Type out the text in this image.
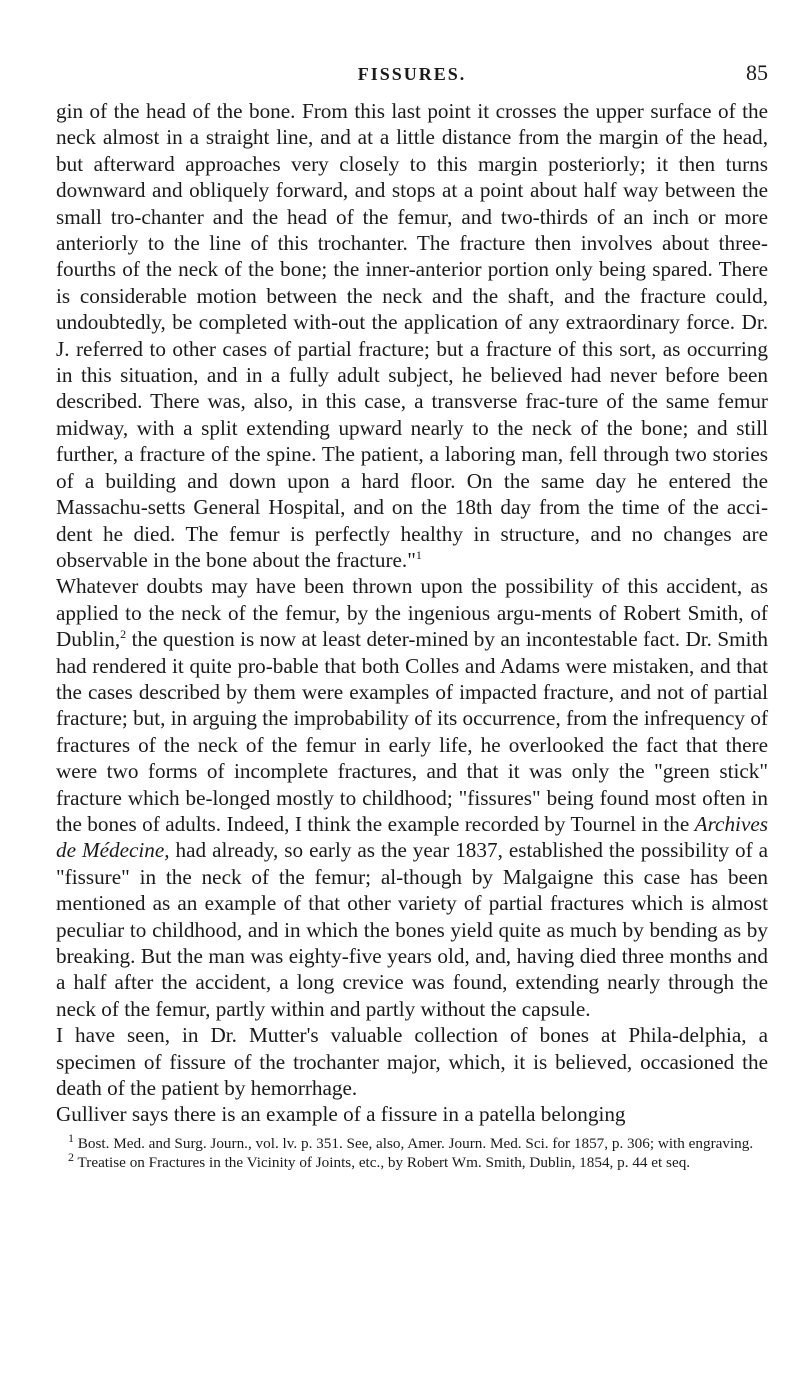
FISSURES.	85

gin of the head of the bone. From this last point it crosses the upper surface of the neck almost in a straight line, and at a little distance from the margin of the head, but afterward approaches very closely to this margin posteriorly; it then turns downward and obliquely forward, and stops at a point about half way between the small tro-chanter and the head of the femur, and two-thirds of an inch or more anteriorly to the line of this trochanter. The fracture then involves about three-fourths of the neck of the bone; the inner-anterior portion only being spared. There is considerable motion between the neck and the shaft, and the fracture could, undoubtedly, be completed with-out the application of any extraordinary force. Dr. J. referred to other cases of partial fracture; but a fracture of this sort, as occurring in this situation, and in a fully adult subject, he believed had never before been described. There was, also, in this case, a transverse frac-ture of the same femur midway, with a split extending upward nearly to the neck of the bone; and still further, a fracture of the spine. The patient, a laboring man, fell through two stories of a building and down upon a hard floor. On the same day he entered the Massachu-setts General Hospital, and on the 18th day from the time of the acci-dent he died. The femur is perfectly healthy in structure, and no changes are observable in the bone about the fracture."$^1$

Whatever doubts may have been thrown upon the possibility of this accident, as applied to the neck of the femur, by the ingenious argu-ments of Robert Smith, of Dublin,$^2$ the question is now at least deter-mined by an incontestable fact. Dr. Smith had rendered it quite pro-bable that both Colles and Adams were mistaken, and that the cases described by them were examples of impacted fracture, and not of partial fracture; but, in arguing the improbability of its occurrence, from the infrequency of fractures of the neck of the femur in early life, he overlooked the fact that there were two forms of incomplete fractures, and that it was only the "green stick" fracture which be-longed mostly to childhood; "fissures" being found most often in the bones of adults. Indeed, I think the example recorded by Tournel in the Archives de Médecine, had already, so early as the year 1837, established the possibility of a "fissure" in the neck of the femur; al-though by Malgaigne this case has been mentioned as an example of that other variety of partial fractures which is almost peculiar to childhood, and in which the bones yield quite as much by bending as by breaking. But the man was eighty-five years old, and, having died three months and a half after the accident, a long crevice was found, extending nearly through the neck of the femur, partly within and partly without the capsule.

I have seen, in Dr. Mutter's valuable collection of bones at Phila-delphia, a specimen of fissure of the trochanter major, which, it is believed, occasioned the death of the patient by hemorrhage.

Gulliver says there is an example of a fissure in a patella belonging

$^1$ Bost. Med. and Surg. Journ., vol. lv. p. 351. See, also, Amer. Journ. Med. Sci. for 1857, p. 306; with engraving.

$^2$ Treatise on Fractures in the Vicinity of Joints, etc., by Robert Wm. Smith, Dublin, 1854, p. 44 et seq.
